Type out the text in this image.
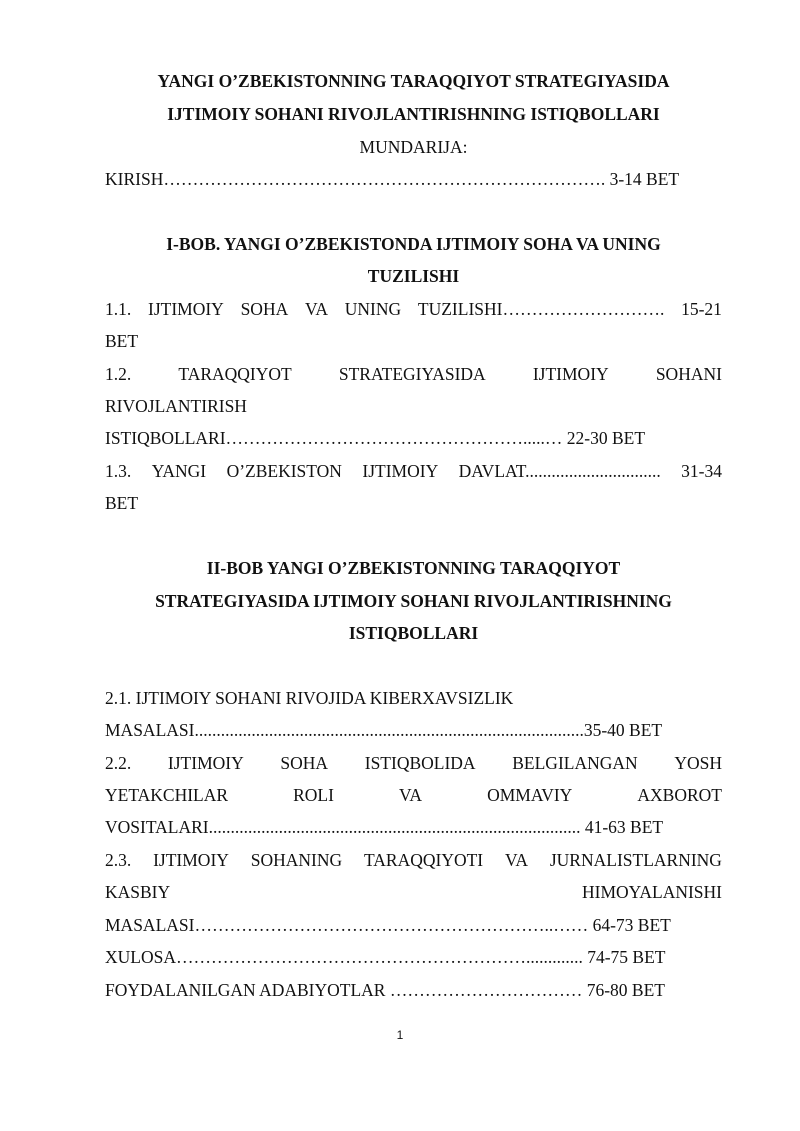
YANGI O’ZBEKISTONNING TARAQQIYOT STRATEGIYASIDA
IJTIMOIY SOHANI RIVOJLANTIRISHNING ISTIQBOLLARI
MUNDARIJA:
KIRISH…………………………………………………………………. 3-14 BET
I-BOB. YANGI O’ZBEKISTONDA IJTIMOIY SOHA VA UNING
TUZILISHI
1.1. IJTIMOIY SOHA VA UNING TUZILISHI………………………. 15-21
BET
1.2.	TARAQQIYOT	STRATEGIYASIDA	IJTIMOIY	SOHANI
RIVOJLANTIRISH
ISTIQBOLLARI…………………………………………….....… 22-30 BET
1.3. YANGI O’ZBEKISTON IJTIMOIY DAVLAT............................... 31-34
BET
II-BOB YANGI O’ZBEKISTONNING TARAQQIYOT
STRATEGIYASIDA IJTIMOIY SOHANI RIVOJLANTIRISHNING
ISTIQBOLLARI
2.1. IJTIMOIY SOHANI RIVOJIDA KIBERXAVSIZLIK
MASALASI.........................................................................................35-40 BET
2.2. IJTIMOIY SOHA ISTIQBOLIDA BELGILANGAN YOSH
YETAKCHILAR	ROLI	VA	OMMAVIY	AXBOROT
VOSITALARI..................................................................................... 41-63 BET
2.3. IJTIMOIY SOHANING TARAQQIYOTI VA JURNALISTLARNING
KASBIY	HIMOYALANISHI
MASALASI……………………………………………………..…… 64-73 BET
XULOSA……………………………………………………............. 74-75 BET
FOYDALANILGAN ADABIYOTLAR …………………………… 76-80 BET
1
